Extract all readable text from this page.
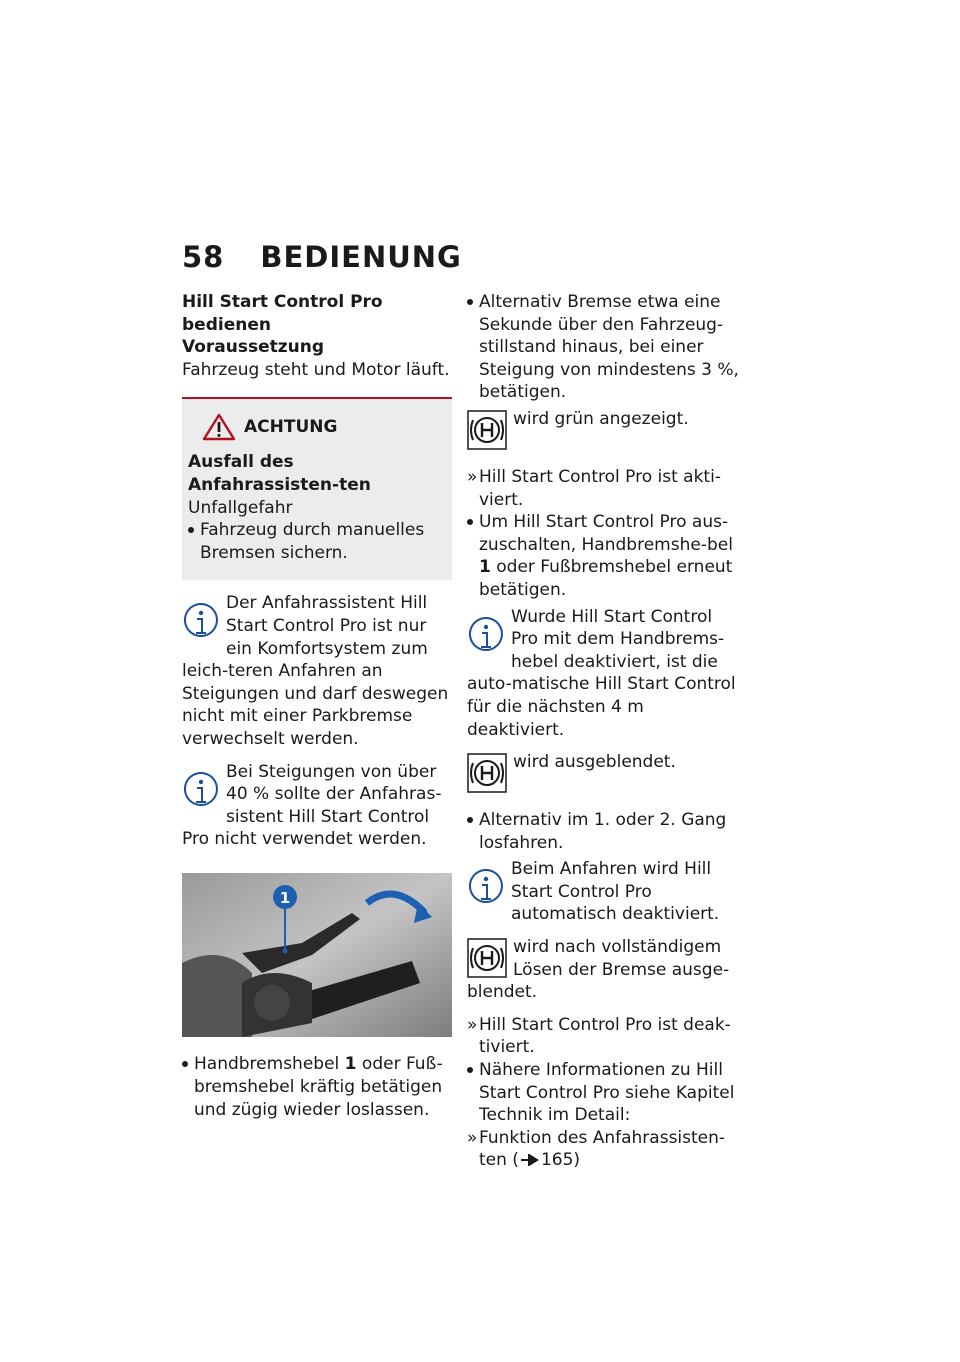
58 BEDIENUNG

Hill Start Control Pro bedienen

Voraussetzung

Fahrzeug steht und Motor läuft.

ACHTUNG

Ausfall des Anfahrassisten-ten

Unfallgefahr

Fahrzeug durch manuelles Bremsen sichern.

Der Anfahrassistent Hill Start Control Pro ist nur ein Komfortsystem zum leich-teren Anfahren an Steigungen und darf deswegen nicht mit einer Parkbremse verwechselt werden.
Bei Steigungen von über 40 % sollte der Anfahras-sistent Hill Start Control Pro nicht verwendet werden.
1

Handbremshebel 1 oder Fuß-bremshebel kräftig betätigen und zügig wieder loslassen.

Alternativ Bremse etwa eine Sekunde über den Fahrzeug-stillstand hinaus, bei einer Steigung von mindestens 3 %, betätigen.

wird grün angezeigt.

» Hill Start Control Pro ist akti-viert.

Um Hill Start Control Pro aus-zuschalten, Handbremshe-bel 1 oder Fußbremshebel erneut betätigen.

Wurde Hill Start Control Pro mit dem Handbrems-hebel deaktiviert, ist die auto-matische Hill Start Control für die nächsten 4 m deaktiviert.
wird ausgeblendet.

Alternativ im 1. oder 2. Gang losfahren.

Beim Anfahren wird Hill Start Control Pro automatisch deaktiviert.
wird nach vollständigem Lösen der Bremse ausge-blendet.

» Hill Start Control Pro ist deak-tiviert.

Nähere Informationen zu Hill Start Control Pro siehe Kapitel Technik im Detail:

» Funktion des Anfahrassisten-ten ( 165)
